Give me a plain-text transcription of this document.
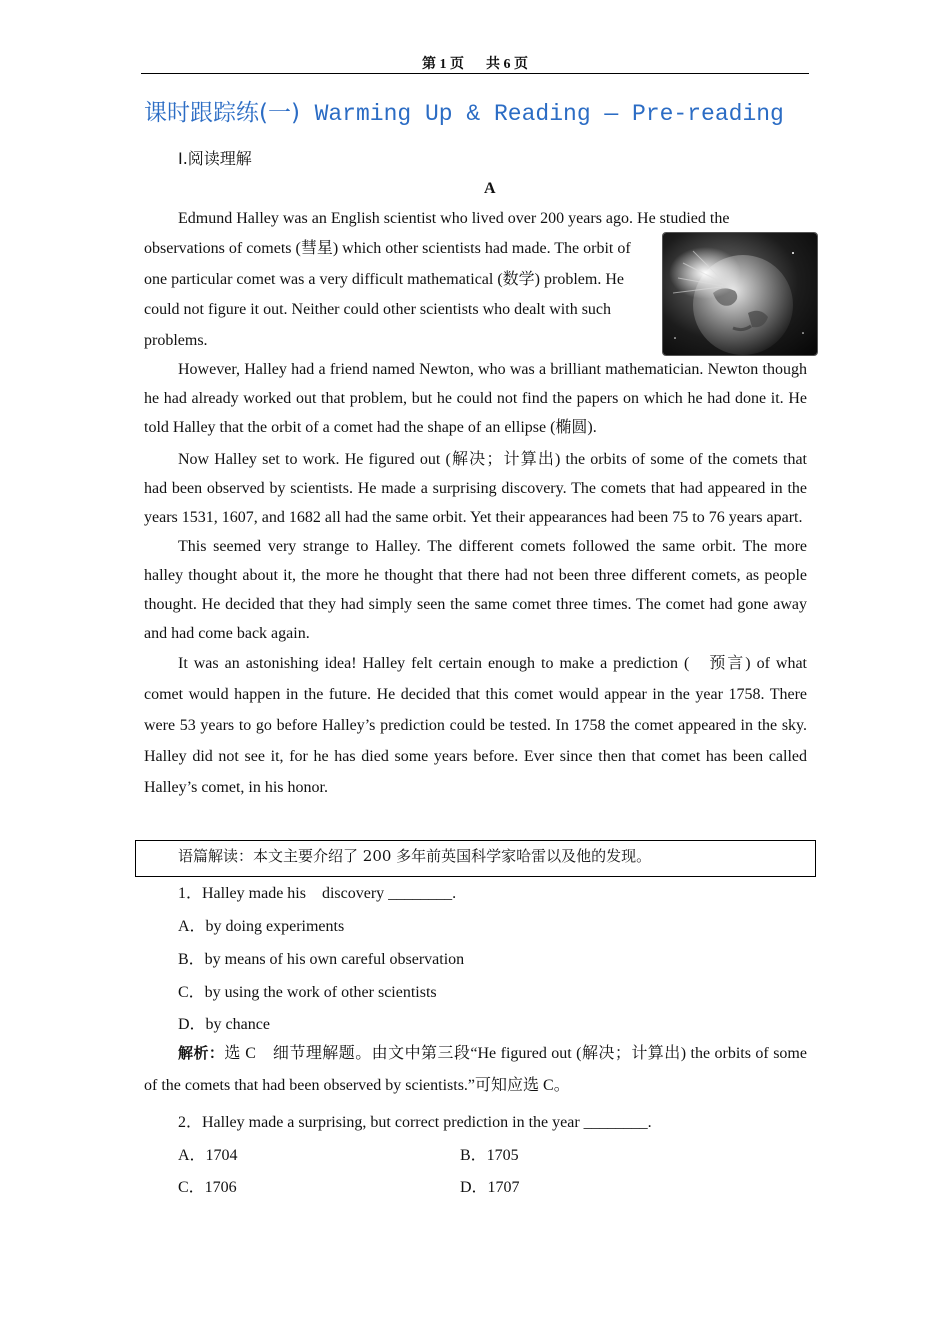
第 1 页 共 6 页
课时跟踪练(一) Warming Up & Reading — Pre-reading
Ⅰ.阅读理解
A

Edmund Halley was an English scientist who lived over 200 years ago. He studied the

observations of comets (彗星) which other scientists had made. The orbit of one particular comet was a very difficult mathematical (数学) problem. He could not figure it out. Neither could other scientists who dealt with such problems.

However, Halley had a friend named Newton, who was a brilliant mathematician. Newton though he had already worked out that problem, but he could not find the papers on which he had done it. He told Halley that the orbit of a comet had the shape of an ellipse (椭圆).

Now Halley set to work. He figured out (解决；计算出) the orbits of some of the comets that had been observed by scientists. He made a surprising discovery. The comets that had appeared in the years 1531, 1607, and 1682 all had the same orbit. Yet their appearances had been 75 to 76 years apart.

This seemed very strange to Halley. The different comets followed the same orbit. The more halley thought about it, the more he thought that there had not been three different comets, as people thought. He decided that they had simply seen the same comet three times. The comet had gone away and had come back again.

It was an astonishing idea! Halley felt certain enough to make a prediction (　预言) of what comet would happen in the future. He decided that this comet would appear in the year 1758. There were 53 years to go before Halley’s prediction could be tested. In 1758 the comet appeared in the sky. Halley did not see it, for he has died some years before. Ever since then that comet has been called Halley’s comet, in his honor.

语篇解读：本文主要介绍了 200 多年前英国科学家哈雷以及他的发现。
1．Halley made his　discovery ________.
A．by doing experiments
B．by means of his own careful observation
C．by using the work of other scientists
D．by chance

解析：选 C　细节理解题。由文中第三段“He figured out (解决；计算出) the orbits of some of the comets that had been observed by scientists.”可知应选 C。

2．Halley made a surprising, but correct prediction in the year ________.
A．1704	B．1705
C．1706	D．1707
